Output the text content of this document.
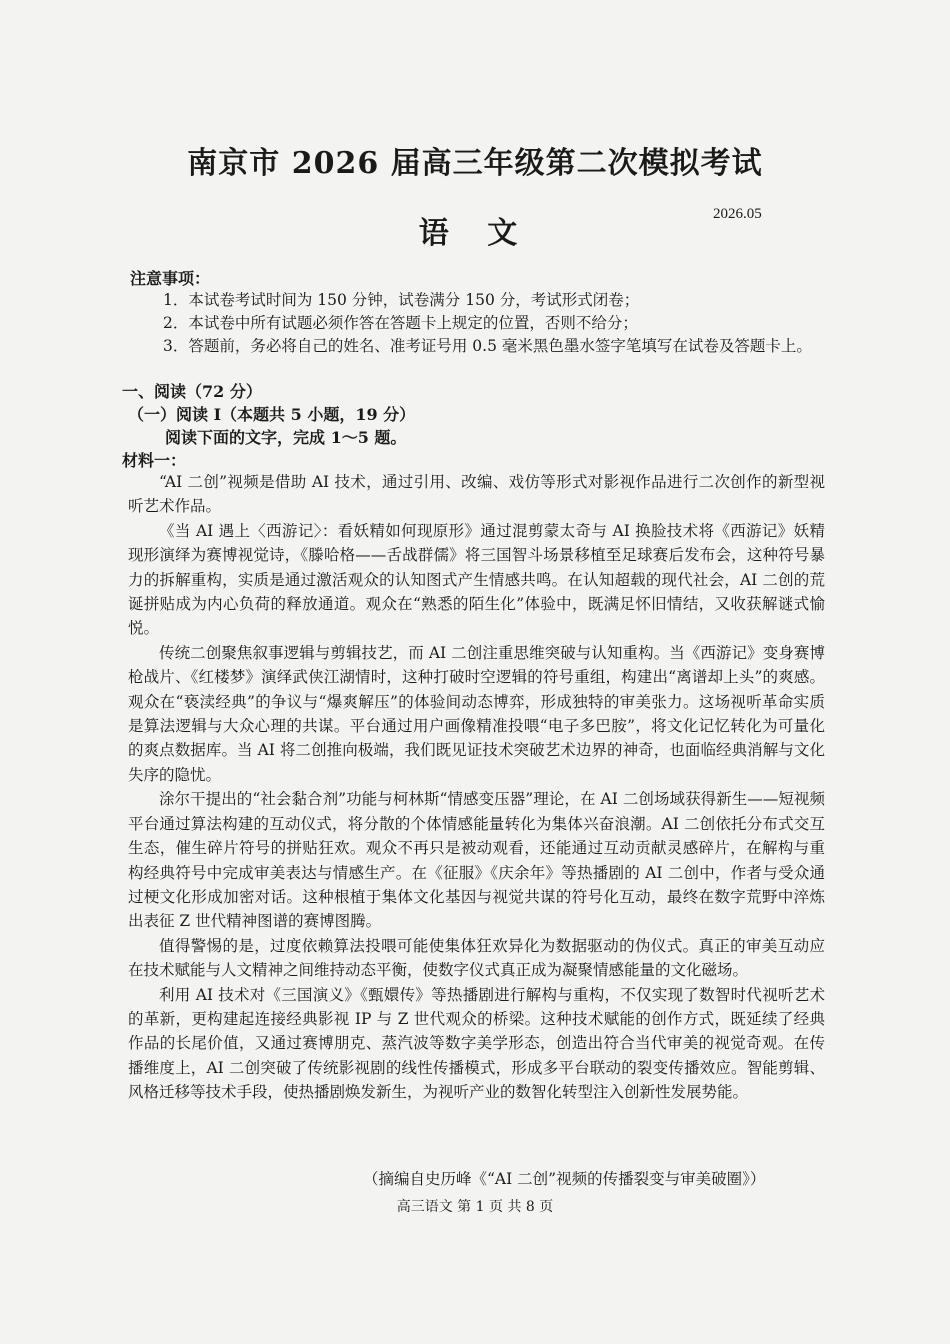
南京市 2026 届高三年级第二次模拟考试
语 文
2026.05
注意事项：
1．本试卷考试时间为 150 分钟，试卷满分 150 分，考试形式闭卷；
2．本试卷中所有试题必须作答在答题卡上规定的位置，否则不给分；
3．答题前，务必将自己的姓名、准考证号用 0.5 毫米黑色墨水签字笔填写在试卷及答题卡上。
一、阅读（72 分）
（一）阅读 Ⅰ（本题共 5 小题，19 分）
阅读下面的文字，完成 1～5 题。
材料一：

“AI 二创”视频是借助 AI 技术，通过引用、改编、戏仿等形式对影视作品进行二次创作的新型视听艺术作品。

《当 AI 遇上〈西游记〉：看妖精如何现原形》通过混剪蒙太奇与 AI 换脸技术将《西游记》妖精现形演绎为赛博视觉诗，《滕哈格——舌战群儒》将三国智斗场景移植至足球赛后发布会，这种符号暴力的拆解重构，实质是通过激活观众的认知图式产生情感共鸣。在认知超载的现代社会，AI 二创的荒诞拼贴成为内心负荷的释放通道。观众在“熟悉的陌生化”体验中，既满足怀旧情结，又收获解谜式愉悦。

传统二创聚焦叙事逻辑与剪辑技艺，而 AI 二创注重思维突破与认知重构。当《西游记》变身赛博枪战片、《红楼梦》演绎武侠江湖情时，这种打破时空逻辑的符号重组，构建出“离谱却上头”的爽感。观众在“亵渎经典”的争议与“爆爽解压”的体验间动态博弈，形成独特的审美张力。这场视听革命实质是算法逻辑与大众心理的共谋。平台通过用户画像精准投喂“电子多巴胺”，将文化记忆转化为可量化的爽点数据库。当 AI 将二创推向极端，我们既见证技术突破艺术边界的神奇，也面临经典消解与文化失序的隐忧。

涂尔干提出的“社会黏合剂”功能与柯林斯“情感变压器”理论，在 AI 二创场域获得新生——短视频平台通过算法构建的互动仪式，将分散的个体情感能量转化为集体兴奋浪潮。AI 二创依托分布式交互生态，催生碎片符号的拼贴狂欢。观众不再只是被动观看，还能通过互动贡献灵感碎片，在解构与重构经典符号中完成审美表达与情感生产。在《征服》《庆余年》等热播剧的 AI 二创中，作者与受众通过梗文化形成加密对话。这种根植于集体文化基因与视觉共谋的符号化互动，最终在数字荒野中淬炼出表征 Z 世代精神图谱的赛博图腾。

值得警惕的是，过度依赖算法投喂可能使集体狂欢异化为数据驱动的伪仪式。真正的审美互动应在技术赋能与人文精神之间维持动态平衡，使数字仪式真正成为凝聚情感能量的文化磁场。

利用 AI 技术对《三国演义》《甄嬛传》等热播剧进行解构与重构，不仅实现了数智时代视听艺术的革新，更构建起连接经典影视 IP 与 Z 世代观众的桥梁。这种技术赋能的创作方式，既延续了经典作品的长尾价值，又通过赛博朋克、蒸汽波等数字美学形态，创造出符合当代审美的视觉奇观。在传播维度上，AI 二创突破了传统影视剧的线性传播模式，形成多平台联动的裂变传播效应。智能剪辑、风格迁移等技术手段，使热播剧焕发新生，为视听产业的数智化转型注入创新性发展势能。

（摘编自史历峰《“AI 二创”视频的传播裂变与审美破圈》）
高三语文 第 1 页 共 8 页
